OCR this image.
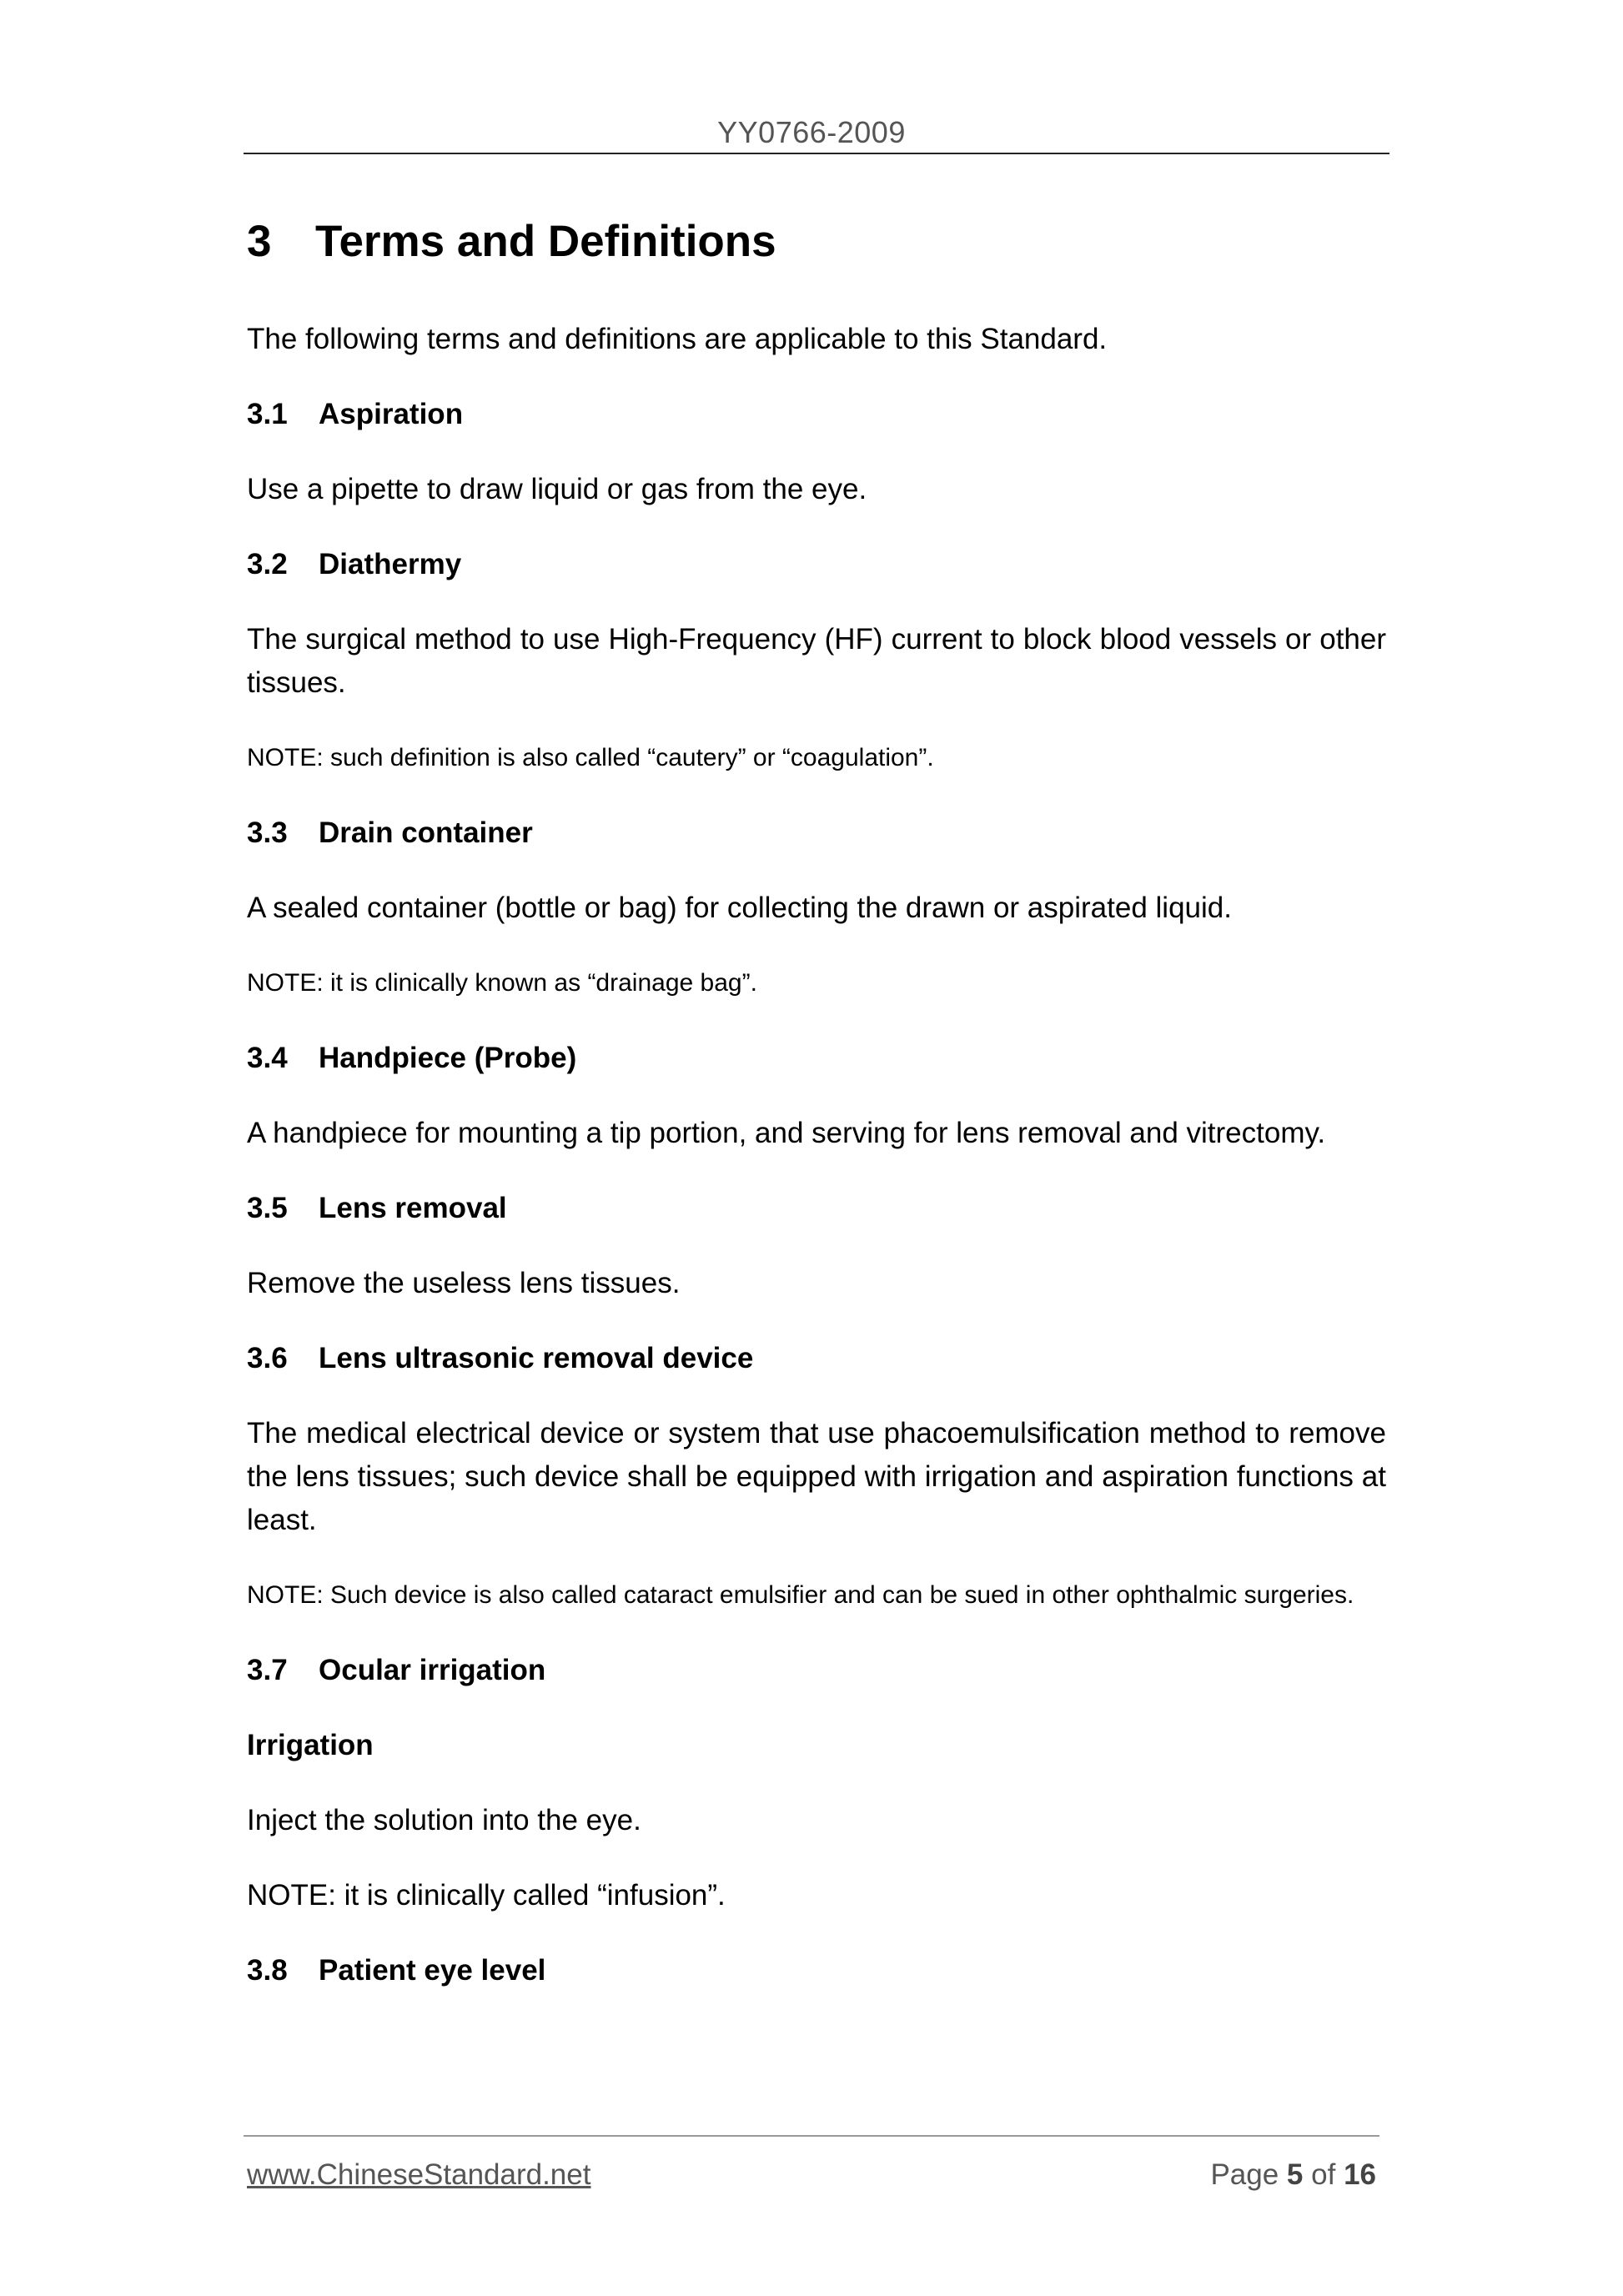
YY0766-2009
3 Terms and Definitions

The following terms and definitions are applicable to this Standard.

3.1 Aspiration

Use a pipette to draw liquid or gas from the eye.

3.2 Diathermy

The surgical method to use High-Frequency (HF) current to block blood vessels or other tissues.

NOTE: such definition is also called “cautery” or “coagulation”.

3.3 Drain container

A sealed container (bottle or bag) for collecting the drawn or aspirated liquid.

NOTE: it is clinically known as “drainage bag”.

3.4 Handpiece (Probe)

A handpiece for mounting a tip portion, and serving for lens removal and vitrectomy.

3.5 Lens removal

Remove the useless lens tissues.

3.6 Lens ultrasonic removal device

The medical electrical device or system that use phacoemulsification method to remove the lens tissues; such device shall be equipped with irrigation and aspiration functions at least.

NOTE: Such device is also called cataract emulsifier and can be sued in other ophthalmic surgeries.

3.7 Ocular irrigation
Irrigation

Inject the solution into the eye.

NOTE: it is clinically called “infusion”.

3.8 Patient eye level
www.ChineseStandard.net	Page 5 of 16
